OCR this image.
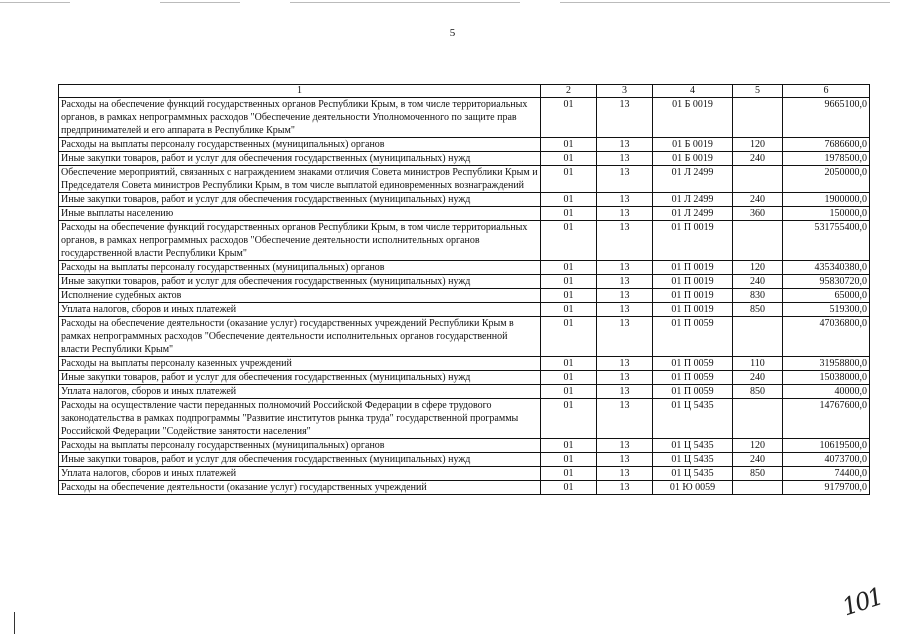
5
1	2	3	4	5	6
Расходы на обеспечение функций государственных органов Республики Крым, в том числе территориальных органов, в рамках непрограммных расходов "Обеспечение деятельности Уполномоченного по защите прав предпринимателей и его аппарата в Республике Крым"	01	13	01 Б 0019		9665100,0
Расходы на выплаты персоналу государственных (муниципальных) органов	01	13	01 Б 0019	120	7686600,0
Иные закупки товаров, работ и услуг для обеспечения государственных (муниципальных) нужд	01	13	01 Б 0019	240	1978500,0
Обеспечение мероприятий, связанных с награждением знаками отличия Совета министров Республики Крым и Председателя Совета министров Республики Крым, в том числе выплатой единовременных вознаграждений	01	13	01 Л 2499		2050000,0
Иные закупки товаров, работ и услуг для обеспечения государственных (муниципальных) нужд	01	13	01 Л 2499	240	1900000,0
Иные выплаты населению	01	13	01 Л 2499	360	150000,0
Расходы на обеспечение функций государственных органов Республики Крым, в том числе территориальных органов, в рамках непрограммных расходов "Обеспечение деятельности исполнительных органов государственной власти Республики Крым"	01	13	01 П 0019		531755400,0
Расходы на выплаты персоналу государственных (муниципальных) органов	01	13	01 П 0019	120	435340380,0
Иные закупки товаров, работ и услуг для обеспечения государственных (муниципальных) нужд	01	13	01 П 0019	240	95830720,0
Исполнение судебных актов	01	13	01 П 0019	830	65000,0
Уплата налогов, сборов и иных платежей	01	13	01 П 0019	850	519300,0
Расходы на обеспечение деятельности (оказание услуг) государственных учреждений Республики Крым в рамках непрограммных расходов "Обеспечение деятельности исполнительных органов государственной власти Республики Крым"	01	13	01 П 0059		47036800,0
Расходы на выплаты персоналу казенных учреждений	01	13	01 П 0059	110	31958800,0
Иные закупки товаров, работ и услуг для обеспечения государственных (муниципальных) нужд	01	13	01 П 0059	240	15038000,0
Уплата налогов, сборов и иных платежей	01	13	01 П 0059	850	40000,0
Расходы на осуществление части переданных полномочий Российской Федерации в сфере трудового законодательства в рамках подпрограммы "Развитие институтов рынка труда" государственной программы Российской Федерации "Содействие занятости населения"	01	13	01 Ц 5435		14767600,0
Расходы на выплаты персоналу государственных (муниципальных) органов	01	13	01 Ц 5435	120	10619500,0
Иные закупки товаров, работ и услуг для обеспечения государственных (муниципальных) нужд	01	13	01 Ц 5435	240	4073700,0
Уплата налогов, сборов и иных платежей	01	13	01 Ц 5435	850	74400,0
Расходы на обеспечение деятельности (оказание услуг) государственных учреждений	01	13	01 Ю 0059		9179700,0
101
